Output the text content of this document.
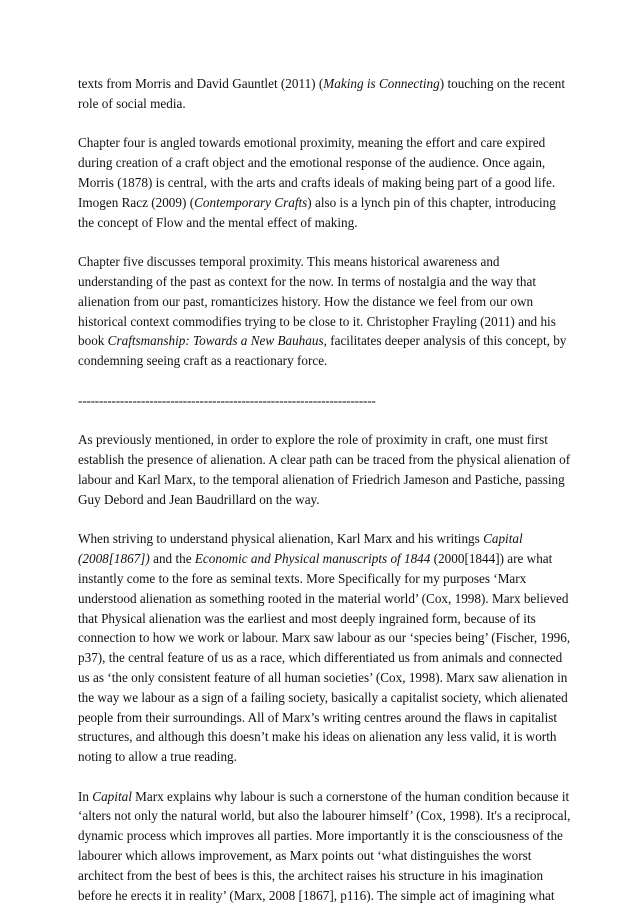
texts from Morris and David Gauntlet (2011) (Making is Connecting) touching on the recent
role of social media.

Chapter four is angled towards emotional proximity, meaning the effort and care expired
during creation of a craft object and the emotional response of the audience. Once again,
Morris (1878) is central, with the arts and crafts ideals of making being part of a good life.
Imogen Racz (2009) (Contemporary Crafts) also is a lynch pin of this chapter, introducing
the concept of Flow and the mental effect of making.

Chapter five discusses temporal proximity. This means historical awareness and
understanding of the past as context for the now. In terms of nostalgia and the way that
alienation from our past, romanticizes history. How the distance we feel from our own
historical context commodifies trying to be close to it. Christopher Frayling (2011) and his
book Craftsmanship: Towards a New Bauhaus, facilitates deeper analysis of this concept, by
condemning seeing craft as a reactionary force.

-----------------------------------------------------------------------

As previously mentioned, in order to explore the role of proximity in craft, one must first
establish the presence of alienation. A clear path can be traced from the physical alienation of
labour and Karl Marx, to the temporal alienation of Friedrich Jameson and Pastiche, passing
Guy Debord and Jean Baudrillard on the way.

When striving to understand physical alienation, Karl Marx and his writings Capital
(2008[1867]) and the Economic and Physical manuscripts of 1844 (2000[1844]) are what
instantly come to the fore as seminal texts. More Specifically for my purposes ‘Marx
understood alienation as something rooted in the material world’ (Cox, 1998). Marx believed
that Physical alienation was the earliest and most deeply ingrained form, because of its
connection to how we work or labour. Marx saw labour as our ‘species being’ (Fischer, 1996,
p37), the central feature of us as a race, which differentiated us from animals and connected
us as ‘the only consistent feature of all human societies’ (Cox, 1998). Marx saw alienation in
the way we labour as a sign of a failing society, basically a capitalist society, which alienated
people from their surroundings. All of Marx’s writing centres around the flaws in capitalist
structures, and although this doesn’t make his ideas on alienation any less valid, it is worth
noting to allow a true reading.

In Capital Marx explains why labour is such a cornerstone of the human condition because it
‘alters not only the natural world, but also the labourer himself’ (Cox, 1998). It's a reciprocal,
dynamic process which improves all parties. More importantly it is the consciousness of the
labourer which allows improvement, as Marx points out ‘what distinguishes the worst
architect from the best of bees is this, the architect raises his structure in his imagination
before he erects it in reality’ (Marx, 2008 [1867], p116). The simple act of imagining what
